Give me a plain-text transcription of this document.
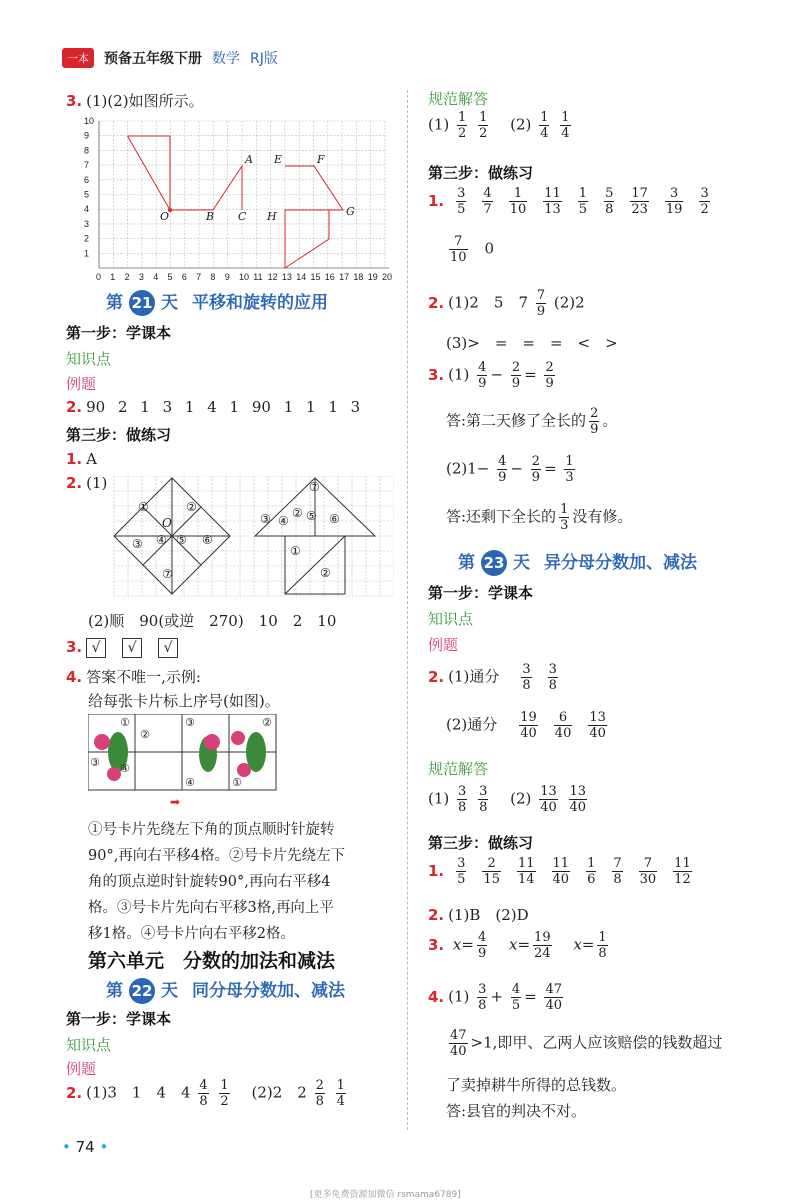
一本	预备五年级下册 数学 RJ版
3. (1)(2)如图所示。
0 1 2 3 4 5 6 7 8 9 10 11 12 13 14 15 16 17 18 19 20
1
2
3
4
5
6
7
8
9
10
O	B C H
A E	F
G
第 21 天 平移和旋转的应用
第一步：学课本
知识点
例题
2. 90 2 1 3 1 4 1 90 1 1 1 3
第三步：做练习
1. A
2. (1)
①	②
O
③ ④ ⑤ ⑥
⑦
⑦
②
③ ④ ⑤ ⑥
①
②
(2)顺　90(或逆　270)　10　2　10
3. √ √ √
4. 答案不唯一,示例:
给每张卡片标上序号(如图)。
①
②
③ ④
③	②
④	①
➡
①号卡片先绕左下角的顶点顺时针旋转
90°,再向右平移4格。②号卡片先绕左下
角的顶点逆时针旋转90°,再向右平移4
格。③号卡片先向右平移3格,再向上平
移1格。④号卡片向右平移2格。
第六单元　分数的加法和减法
第 22 天 同分母分数加、减法
第一步：学课本
知识点
例题
2. (1)3　1　4　$4 \frac{4}{8}$
$\frac{1}{2} (2)2$　$2 \frac{2}{8}$
$\frac{1}{4}$
规范解答
$(1) \frac{1}{2}$
$\frac{1}{2} (2) \frac{1}{4}$
$\frac{1}{4}$
第三步：做练习
1. $\frac{3}{5} \frac{4}{7} \frac{1}{10} \frac{11}{13} \frac{1}{5} \frac{5}{8} \frac{17}{23} \frac{3}{19} \frac{3}{2}$
$\frac{7}{10} 0$
2. (1)2　5　$7 \frac{7}{9} (2)2$
(3)>　=　=　=　<　>
3. $(1) \frac{4}{9} - \frac{2}{9} = \frac{2}{9}$
答:第二天修了全长的 $\frac{2}{9}$ 。
$(2)1- \frac{4}{9} - \frac{2}{9} = \frac{1}{3}$
答:还剩下全长的 $\frac{1}{3}$ 没有修。
第 23 天 异分母分数加、减法
第一步：学课本
知识点
例题
2. (1)通分 $\frac{3}{8} \frac{3}{8}$
(2)通分 $\frac{19}{40} \frac{6}{40} \frac{13}{40}$
规范解答
$(1) \frac{3}{8}$
$\frac{3}{8} (2) \frac{13}{40}$
$\frac{13}{40}$
第三步：做练习
1. $\frac{3}{5} \frac{2}{15} \frac{11}{14} \frac{11}{40} \frac{1}{6} \frac{7}{8} \frac{7}{30} \frac{11}{12}$
2. (1)B　(2)D
3. $x= \frac{4}{9} x= \frac{19}{24} x= \frac{1}{8}$
4. $(1) \frac{3}{8} + \frac{4}{5} = \frac{47}{40}$
$\frac{47}{40} >1$,即甲、乙两人应该赔偿的钱数超过
了卖掉耕牛所得的总钱数。
答:县官的判决不对。
• 74 •
[更多免费资源加微信 rsmama6789]
